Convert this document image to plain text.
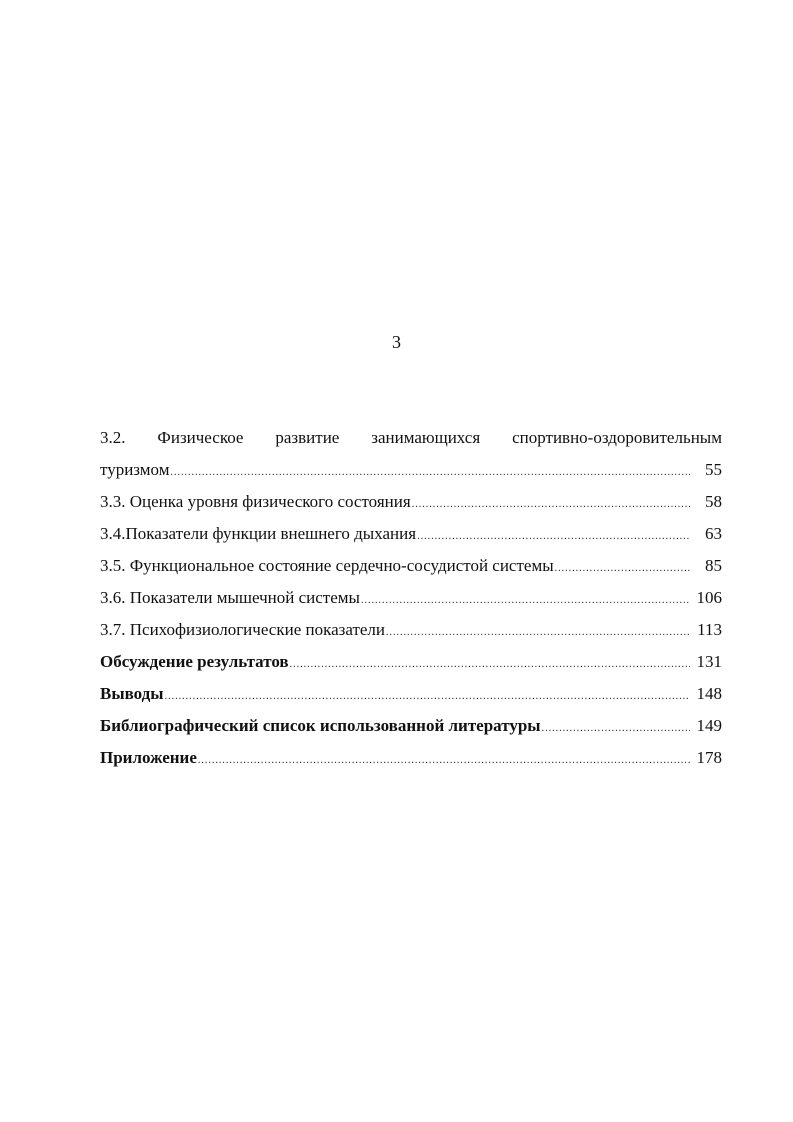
3
3.2. Физическое развитие занимающихся спортивно-оздоровительным
туризмом .....	55
3.3. Оценка уровня физического состояния .....	58
3.4.Показатели функции внешнего дыхания .....	63
3.5. Функциональное состояние сердечно-сосудистой системы .....	85
3.6. Показатели мышечной системы .....	106
3.7. Психофизиологические показатели .....	113
Обсуждение результатов .....	131
Выводы .....	148
Библиографический список использованной литературы .....	149
Приложение .....	178
